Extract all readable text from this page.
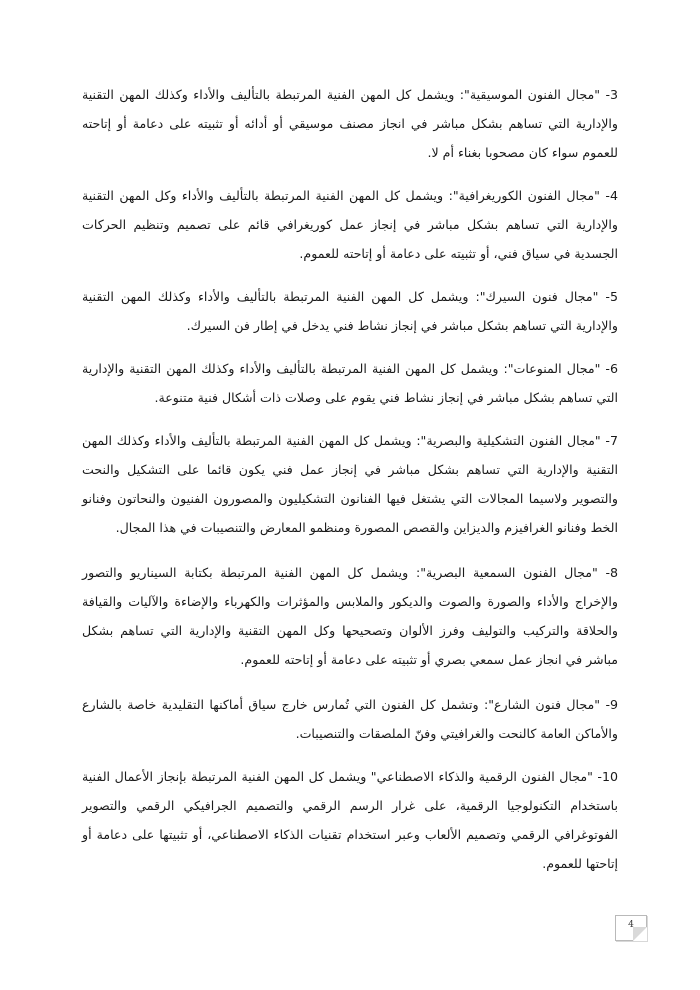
3- "مجال الفنون الموسيقية": ويشمل كل المهن الفنية المرتبطة بالتأليف والأداء وكذلك المهن التقنية والإدارية التي تساهم بشكل مباشر في انجاز مصنف موسيقي أو أدائه أو تثبيته على دعامة أو إتاحته للعموم سواء كان مصحوبا بغناء أم لا.

4- "مجال الفنون الكوريغرافية": ويشمل كل المهن الفنية المرتبطة بالتأليف والأداء وكل المهن التقنية والإدارية التي تساهم بشكل مباشر في إنجاز عمل كوريغرافي قائم على تصميم وتنظيم الحركات الجسدية في سياق فني، أو تثبيته على دعامة أو إتاحته للعموم.

5- "مجال فنون السيرك": ويشمل كل المهن الفنية المرتبطة بالتأليف والأداء وكذلك المهن التقنية والإدارية التي تساهم بشكل مباشر في إنجاز نشاط فني يدخل في إطار فن السيرك.

6- "مجال المنوعات": ويشمل كل المهن الفنية المرتبطة بالتأليف والأداء وكذلك المهن التقنية والإدارية التي تساهم بشكل مباشر في إنجاز نشاط فني يقوم على وصلات ذات أشكال فنية متنوعة.

7- "مجال الفنون التشكيلية والبصرية": ويشمل كل المهن الفنية المرتبطة بالتأليف والأداء وكذلك المهن التقنية والإدارية التي تساهم بشكل مباشر في إنجاز عمل فني يكون قائما على التشكيل والنحت والتصوير ولاسيما المجالات التي يشتغل فيها الفنانون التشكيليون والمصورون الفنيون والنحاتون وفنانو الخط وفنانو الغرافيزم والديزاين والقصص المصورة ومنظمو المعارض والتنصيبات في هذا المجال.

8- "مجال الفنون السمعية البصرية": ويشمل كل المهن الفنية المرتبطة بكتابة السيناريو والتصور والإخراج والأداء والصورة والصوت والديكور والملابس والمؤثرات والكهرباء والإضاءة والآليات والقيافة والحلاقة والتركيب والتوليف وفرز الألوان وتصحيحها وكل المهن التقنية والإدارية التي تساهم بشكل مباشر في انجاز عمل سمعي بصري أو تثبيته على دعامة أو إتاحته للعموم.

9- "مجال فنون الشارع": وتشمل كل الفنون التي تُمارس خارج سياق أماكنها التقليدية خاصة بالشارع والأماكن العامة كالنحت والغرافيتي وفنّ الملصقات والتنصيبات.

10- "مجال الفنون الرقمية والذكاء الاصطناعي" ويشمل كل المهن الفنية المرتبطة بإنجاز الأعمال الفنية باستخدام التكنولوجيا الرقمية، على غرار الرسم الرقمي والتصميم الجرافيكي الرقمي والتصوير الفوتوغرافي الرقمي وتصميم الألعاب وعبر استخدام تقنيات الذكاء الاصطناعي، أو تثبيتها على دعامة أو إتاحتها للعموم.

4
